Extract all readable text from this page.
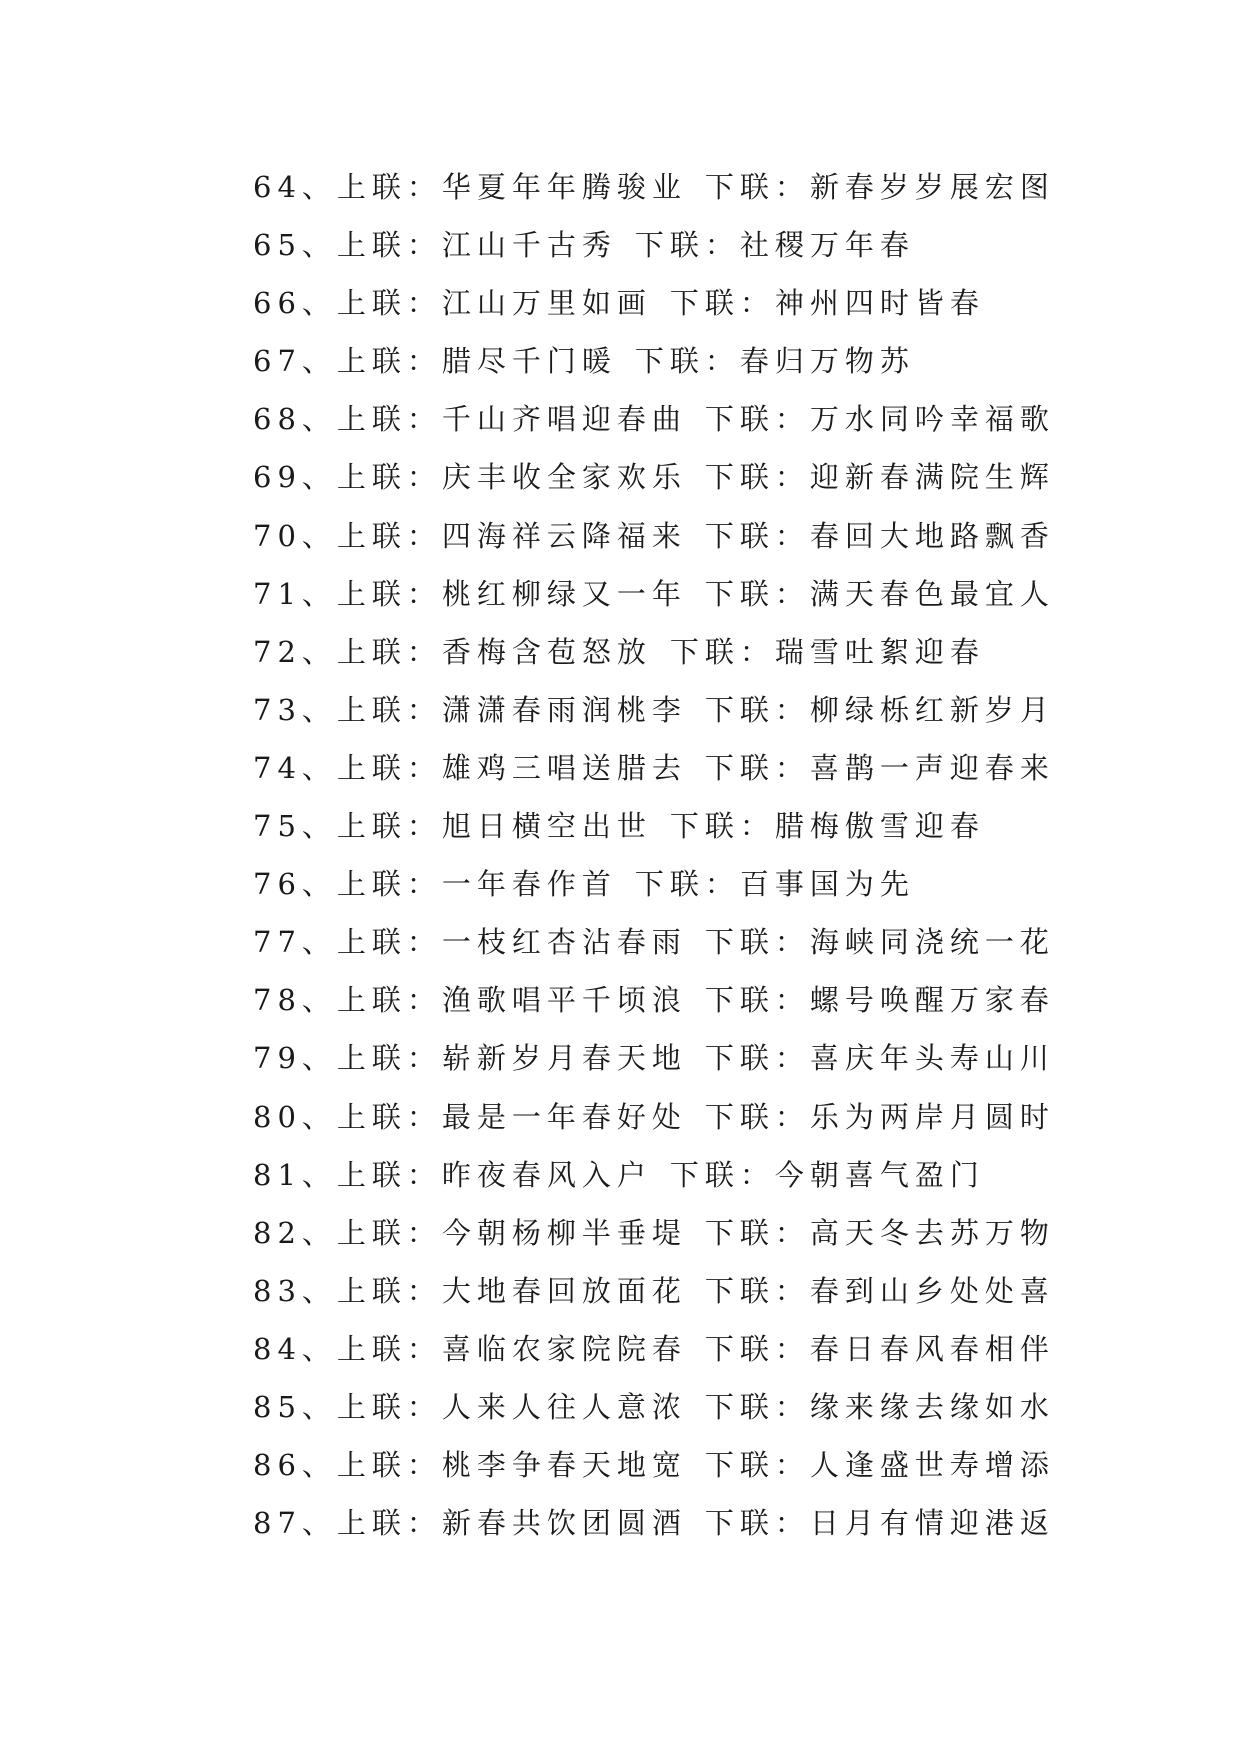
64、上联：华夏年年腾骏业 下联：新春岁岁展宏图
65、上联：江山千古秀 下联：社稷万年春
66、上联：江山万里如画 下联：神州四时皆春
67、上联：腊尽千门暖 下联：春归万物苏
68、上联：千山齐唱迎春曲 下联：万水同吟幸福歌
69、上联：庆丰收全家欢乐 下联：迎新春满院生辉
70、上联：四海祥云降福来 下联：春回大地路飘香
71、上联：桃红柳绿又一年 下联：满天春色最宜人
72、上联：香梅含苞怒放 下联：瑞雪吐絮迎春
73、上联：潇潇春雨润桃李 下联：柳绿栎红新岁月
74、上联：雄鸡三唱送腊去 下联：喜鹊一声迎春来
75、上联：旭日横空出世 下联：腊梅傲雪迎春
76、上联：一年春作首 下联：百事国为先
77、上联：一枝红杏沾春雨 下联：海峡同浇统一花
78、上联：渔歌唱平千顷浪 下联：螺号唤醒万家春
79、上联：崭新岁月春天地 下联：喜庆年头寿山川
80、上联：最是一年春好处 下联：乐为两岸月圆时
81、上联：昨夜春风入户 下联：今朝喜气盈门
82、上联：今朝杨柳半垂堤 下联：高天冬去苏万物
83、上联：大地春回放面花 下联：春到山乡处处喜
84、上联：喜临农家院院春 下联：春日春风春相伴
85、上联：人来人往人意浓 下联：缘来缘去缘如水
86、上联：桃李争春天地宽 下联：人逢盛世寿增添
87、上联：新春共饮团圆酒 下联：日月有情迎港返
